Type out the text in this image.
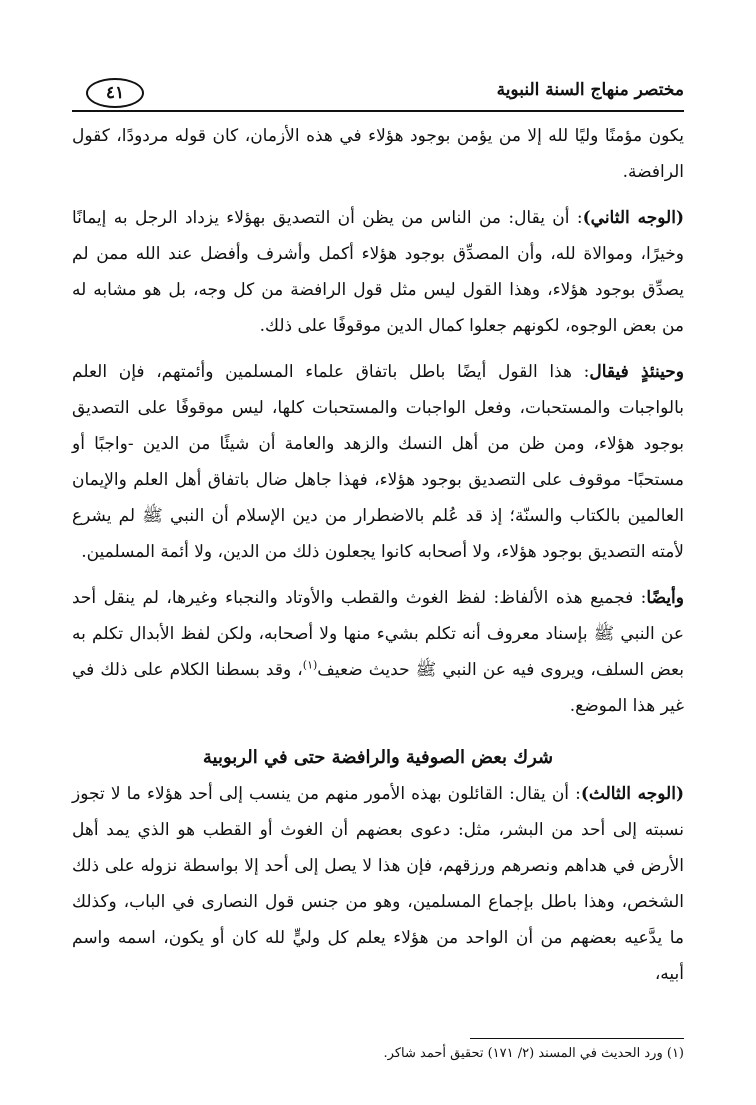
مختصر منهاج السنة النبوية
٤١

يكون مؤمنًا وليًا لله إلا من يؤمن بوجود هؤلاء في هذه الأزمان، كان قوله مردودًا، كقول الرافضة.

(الوجه الثاني): أن يقال: من الناس من يظن أن التصديق بهؤلاء يزداد الرجل به إيمانًا وخيرًا، وموالاة لله، وأن المصدِّق بوجود هؤلاء أكمل وأشرف وأفضل عند الله ممن لم يصدِّق بوجود هؤلاء، وهذا القول ليس مثل قول الرافضة من كل وجه، بل هو مشابه له من بعض الوجوه، لكونهم جعلوا كمال الدين موقوفًا على ذلك.

وحينئذٍ فيقال: هذا القول أيضًا باطل باتفاق علماء المسلمين وأئمتهم، فإن العلم بالواجبات والمستحبات، وفعل الواجبات والمستحبات كلها، ليس موقوفًا على التصديق بوجود هؤلاء، ومن ظن من أهل النسك والزهد والعامة أن شيئًا من الدين -واجبًا أو مستحبًا- موقوف على التصديق بوجود هؤلاء، فهذا جاهل ضال باتفاق أهل العلم والإيمان العالمين بالكتاب والسنّة؛ إذ قد عُلم بالاضطرار من دين الإسلام أن النبي ﷺ لم يشرع لأمته التصديق بوجود هؤلاء، ولا أصحابه كانوا يجعلون ذلك من الدين، ولا أئمة المسلمين.

وأيضًا: فجميع هذه الألفاظ: لفظ الغوث والقطب والأوتاد والنجباء وغيرها، لم ينقل أحد عن النبي ﷺ بإسناد معروف أنه تكلم بشيء منها ولا أصحابه، ولكن لفظ الأبدال تكلم به بعض السلف، ويروى فيه عن النبي ﷺ حديث ضعيف$^{(١)}$، وقد بسطنا الكلام على ذلك في غير هذا الموضع.

شرك بعض الصوفية والرافضة حتى في الربوبية

(الوجه الثالث): أن يقال: القائلون بهذه الأمور منهم من ينسب إلى أحد هؤلاء ما لا تجوز نسبته إلى أحد من البشر، مثل: دعوى بعضهم أن الغوث أو القطب هو الذي يمد أهل الأرض في هداهم ونصرهم ورزقهم، فإن هذا لا يصل إلى أحد إلا بواسطة نزوله على ذلك الشخص، وهذا باطل بإجماع المسلمين، وهو من جنس قول النصارى في الباب، وكذلك ما يدَّعيه بعضهم من أن الواحد من هؤلاء يعلم كل وليٍّ لله كان أو يكون، اسمه واسم أبيه،

(١) ورد الحديث في المسند (٢/ ١٧١) تحقيق أحمد شاكر.
